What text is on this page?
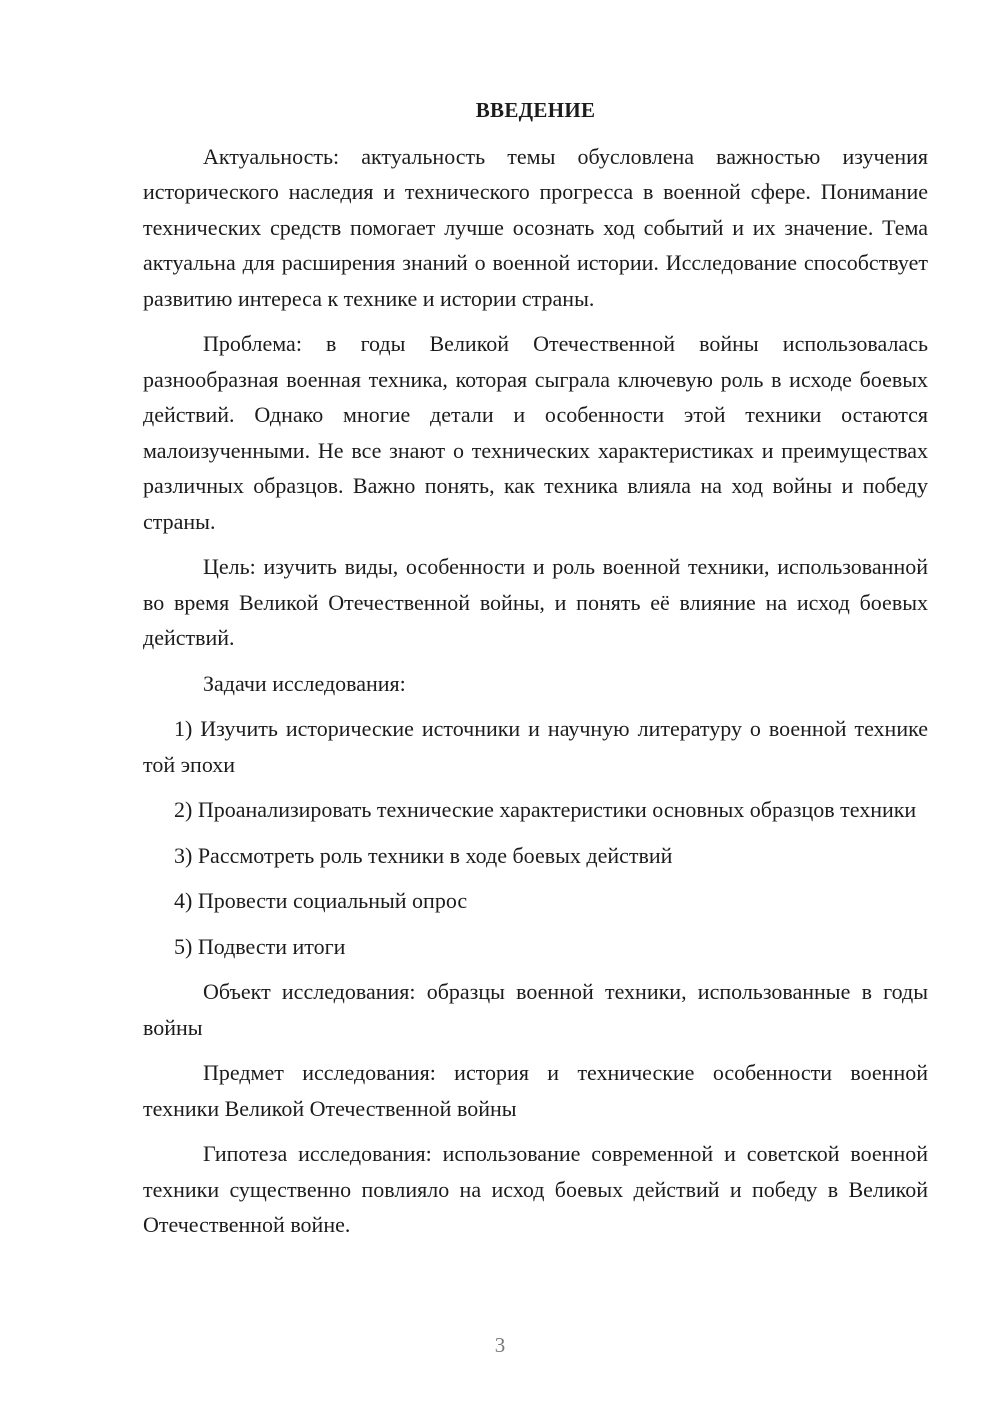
ВВЕДЕНИЕ

Актуальность: актуальность темы обусловлена важностью изучения исторического наследия и технического прогресса в военной сфере. Понимание технических средств помогает лучше осознать ход событий и их значение. Тема актуальна для расширения знаний о военной истории. Исследование способствует развитию интереса к технике и истории страны.

Проблема: в годы Великой Отечественной войны использовалась разнообразная военная техника, которая сыграла ключевую роль в исходе боевых действий. Однако многие детали и особенности этой техники остаются малоизученными. Не все знают о технических характеристиках и преимуществах различных образцов. Важно понять, как техника влияла на ход войны и победу страны.

Цель: изучить виды, особенности и роль военной техники, использованной во время Великой Отечественной войны, и понять её влияние на исход боевых действий.

Задачи исследования:

1) Изучить исторические источники и научную литературу о военной технике той эпохи

2) Проанализировать технические характеристики основных образцов техники

3) Рассмотреть роль техники в ходе боевых действий

4) Провести социальный опрос

5) Подвести итоги

Объект исследования: образцы военной техники, использованные в годы войны

Предмет исследования: история и технические особенности военной техники Великой Отечественной войны

Гипотеза исследования: использование современной и советской военной техники существенно повлияло на исход боевых действий и победу в Великой Отечественной войне.

3
